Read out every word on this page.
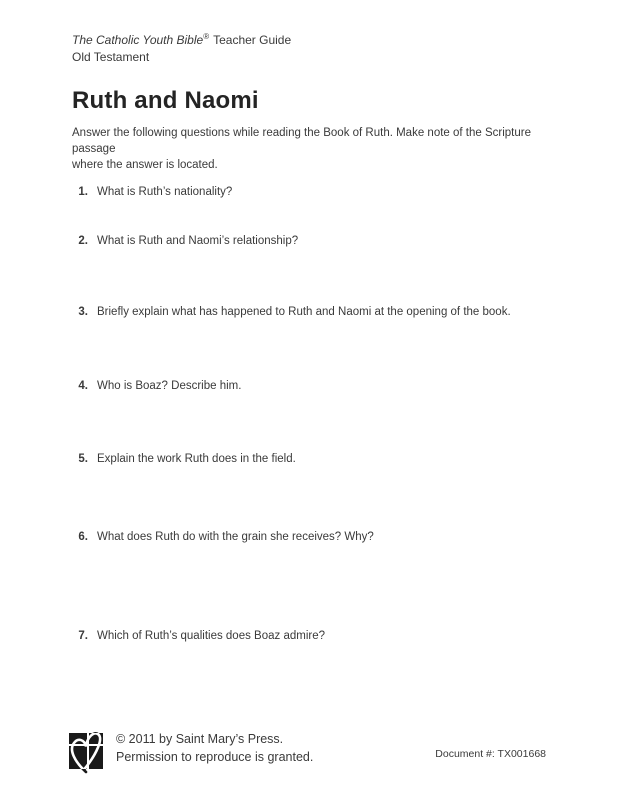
The Catholic Youth Bible® Teacher Guide
Old Testament
Ruth and Naomi
Answer the following questions while reading the Book of Ruth. Make note of the Scripture passage
where the answer is located.
1. What is Ruth’s nationality?
2. What is Ruth and Naomi’s relationship?
3. Briefly explain what has happened to Ruth and Naomi at the opening of the book.
4. Who is Boaz? Describe him.
5. Explain the work Ruth does in the field.
6. What does Ruth do with the grain she receives? Why?
7. Which of Ruth’s qualities does Boaz admire?
© 2011 by Saint Mary’s Press.
Permission to reproduce is granted.	Document #: TX001668
